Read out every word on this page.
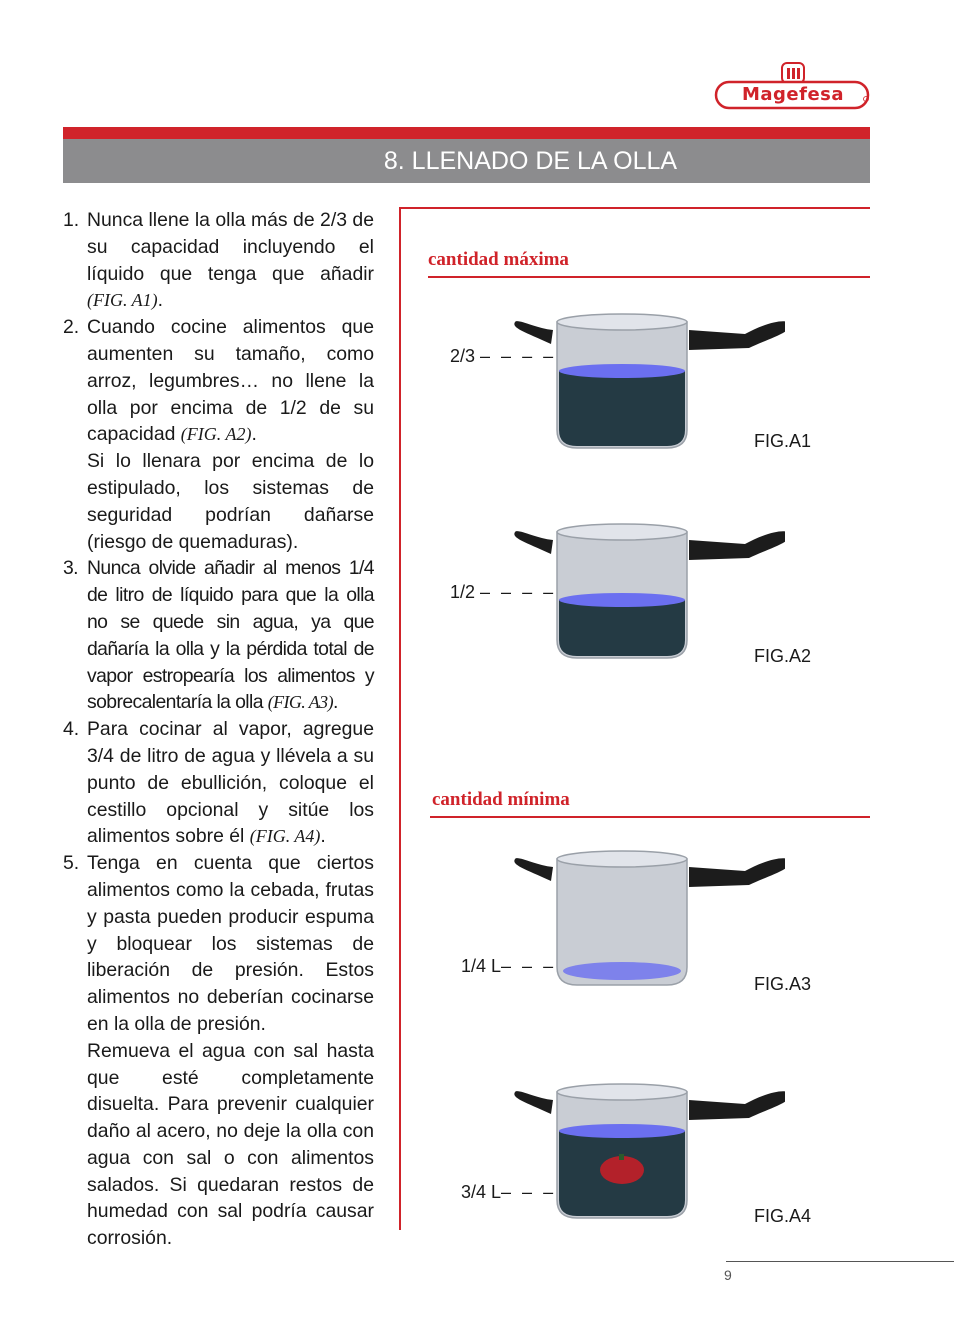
Magefesa
8. LLENADO DE LA OLLA
1. Nunca llene la olla más de 2/3 de su capacidad incluyendo el líquido que tenga que añadir (FIG. A1).

2. Cuando cocine alimentos que aumenten su tamaño, como arroz, legumbres… no llene la olla por encima de 1/2 de su capacidad (FIG. A2).

Si lo llenara por encima de lo estipulado, los sistemas de seguridad podrían dañarse (riesgo de quemaduras).

3. Nunca olvide añadir al menos 1/4 de litro de líquido para que la olla no se quede sin agua, ya que dañaría la olla y la pérdida total de vapor estropearía los alimentos y sobrecalentaría la olla (FIG. A3).

4. Para cocinar al vapor, agregue 3/4 de litro de agua y llévela a su punto de ebullición, coloque el cestillo opcional y sitúe los alimentos sobre él (FIG. A4).

5. Tenga en cuenta que ciertos alimentos como la cebada, frutas y pasta pueden producir espuma y bloquear los sistemas de liberación de presión. Estos alimentos no deberían cocinarse en la olla de presión.

Remueva el agua con sal hasta que esté completamente disuelta. Para prevenir cualquier daño al acero, no deje la olla con agua con sal o con alimentos salados. Si quedaran restos de humedad con sal podría causar corrosión.

cantidad máxima
cantidad mínima
2/3 – – – –
1/2 – – – –
1/4 L– – –
3/4 L– – –
FIG.A1
FIG.A2
FIG.A3
FIG.A4
9
